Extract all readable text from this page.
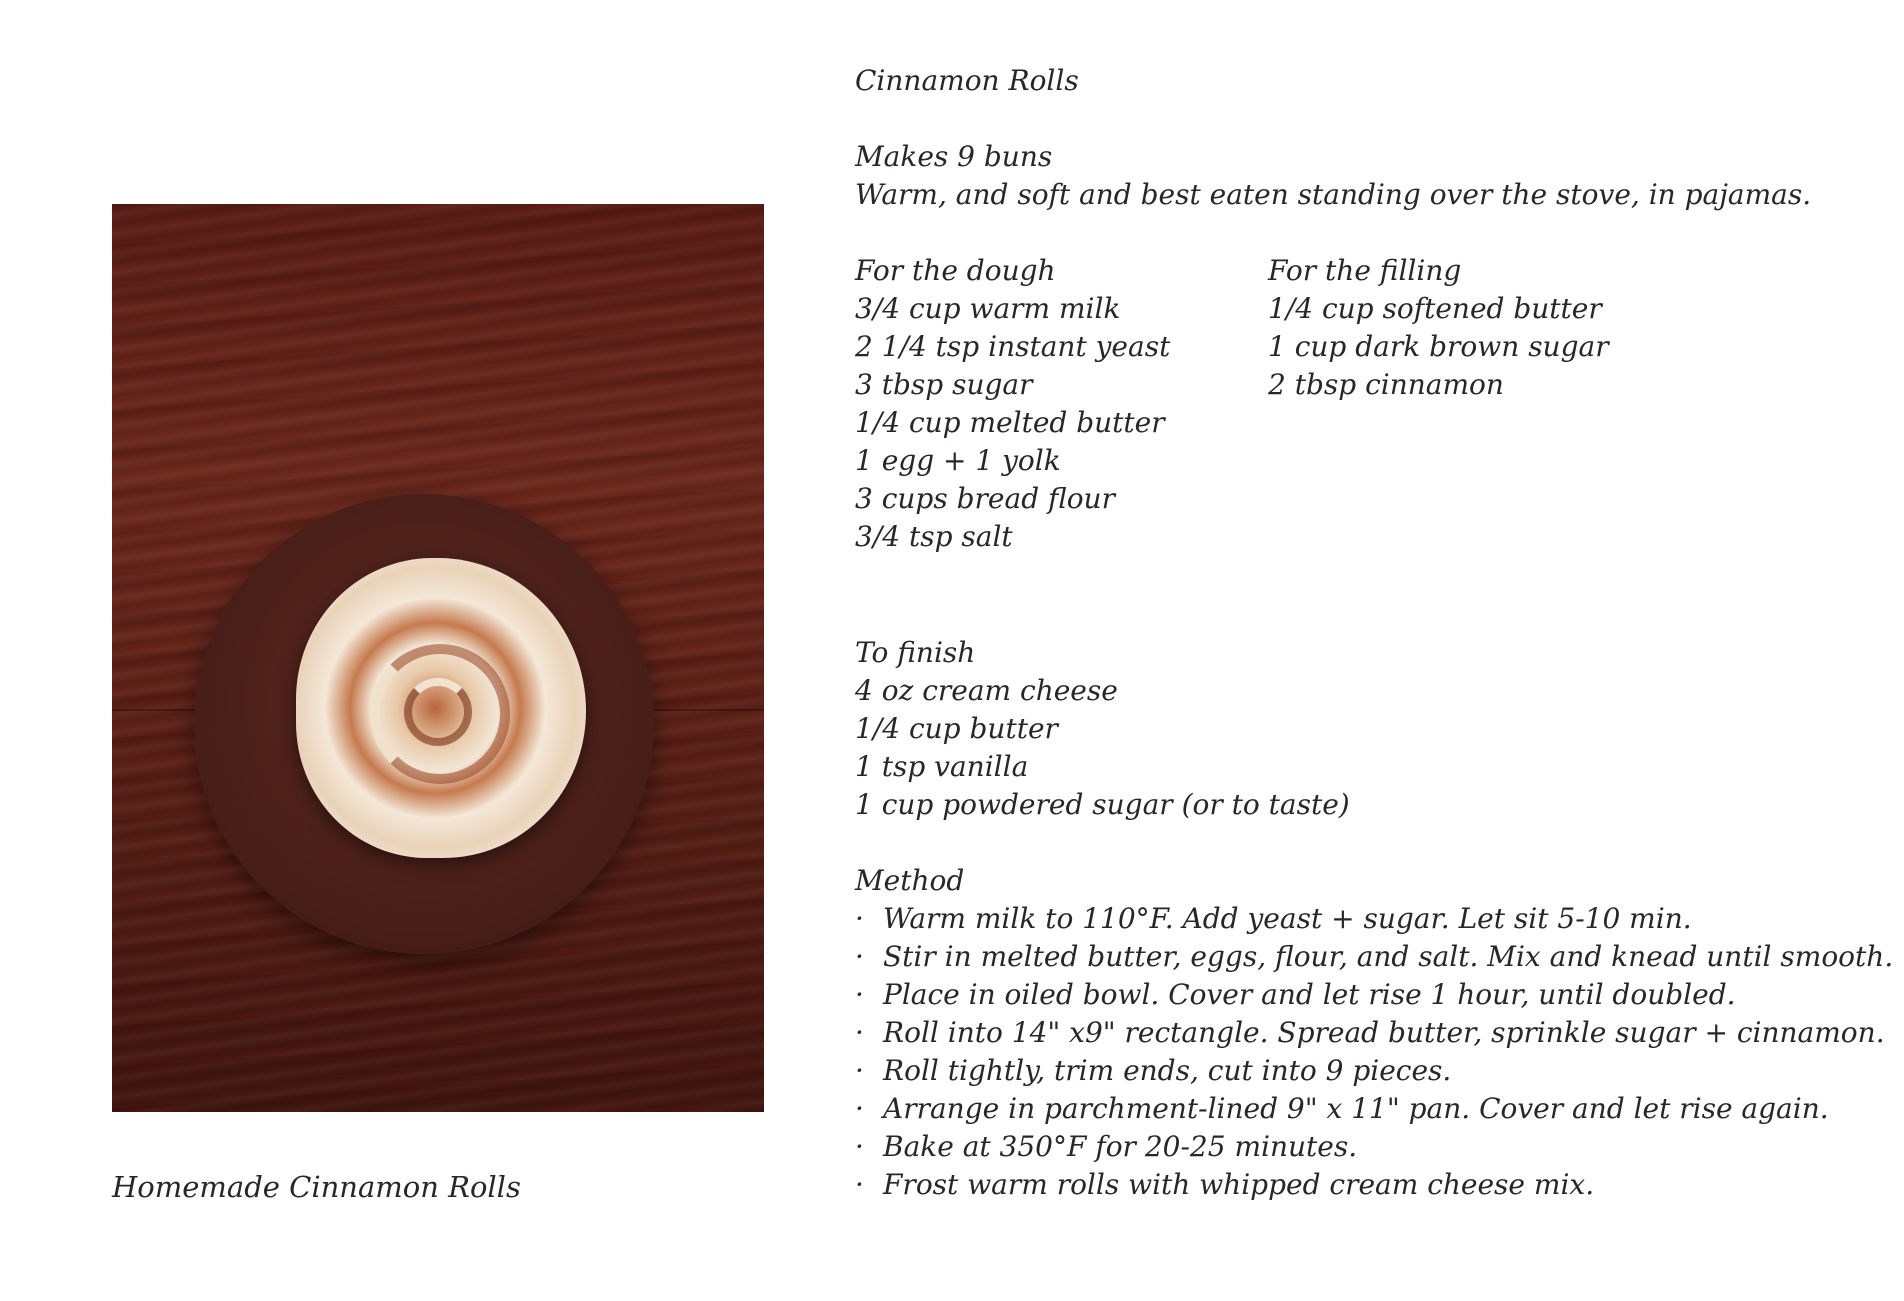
Homemade Cinnamon Rolls
Cinnamon Rolls
Makes 9 buns
Warm, and soft and best eaten standing over the stove, in pajamas.
For the dough
3/4 cup warm milk
2 1/4 tsp instant yeast
3 tbsp sugar
1/4 cup melted butter
1 egg + 1 yolk
3 cups bread flour
3/4 tsp salt
For the filling
1/4 cup softened butter
1 cup dark brown sugar
2 tbsp cinnamon
To finish
4 oz cream cheese
1/4 cup butter
1 tsp vanilla
1 cup powdered sugar (or to taste)
Method
· Warm milk to 110°F. Add yeast + sugar. Let sit 5-10 min.
· Stir in melted butter, eggs, flour, and salt. Mix and knead until smooth.
· Place in oiled bowl. Cover and let rise 1 hour, until doubled.
· Roll into 14" x9" rectangle. Spread butter, sprinkle sugar + cinnamon.
· Roll tightly, trim ends, cut into 9 pieces.
· Arrange in parchment-lined 9" x 11" pan. Cover and let rise again.
· Bake at 350°F for 20-25 minutes.
· Frost warm rolls with whipped cream cheese mix.
